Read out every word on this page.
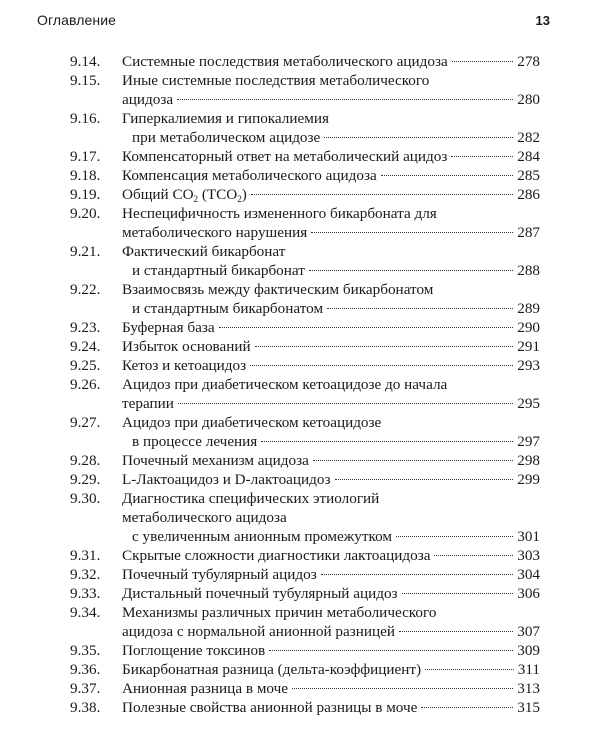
Оглавление	13
9.14. Системные последствия метаболического ацидоза	278
9.15. Иные системные последствия метаболического
ацидоза	280
9.16. Гиперкалиемия и гипокалиемия
при метаболическом ацидозе	282
9.17. Компенсаторный ответ на метаболический ацидоз	284
9.18. Компенсация метаболического ацидоза	285
9.19. Общий $CO_2$ $(TCO_2)$	286
9.20. Неспецифичность измененного бикарбоната для
метаболического нарушения	287
9.21. Фактический бикарбонат
и стандартный бикарбонат	288
9.22. Взаимосвязь между фактическим бикарбонатом
и стандартным бикарбонатом	289
9.23. Буферная база	290
9.24. Избыток оснований	291
9.25. Кетоз и кетоацидоз	293
9.26. Ацидоз при диабетическом кетоацидозе до начала
терапии	295
9.27. Ацидоз при диабетическом кетоацидозе
в процессе лечения	297
9.28. Почечный механизм ацидоза	298
9.29. L-Лактоацидоз и D-лактоацидоз	299
9.30. Диагностика специфических этиологий
метаболического ацидоза
с увеличенным анионным промежутком	301
9.31. Скрытые сложности диагностики лактоацидоза	303
9.32. Почечный тубулярный ацидоз	304
9.33. Дистальный почечный тубулярный ацидоз	306
9.34. Механизмы различных причин метаболического
ацидоза с нормальной анионной разницей	307
9.35. Поглощение токсинов	309
9.36. Бикарбонатная разница (дельта-коэффициент)	311
9.37. Анионная разница в моче	313
9.38. Полезные свойства анионной разницы в моче	315
